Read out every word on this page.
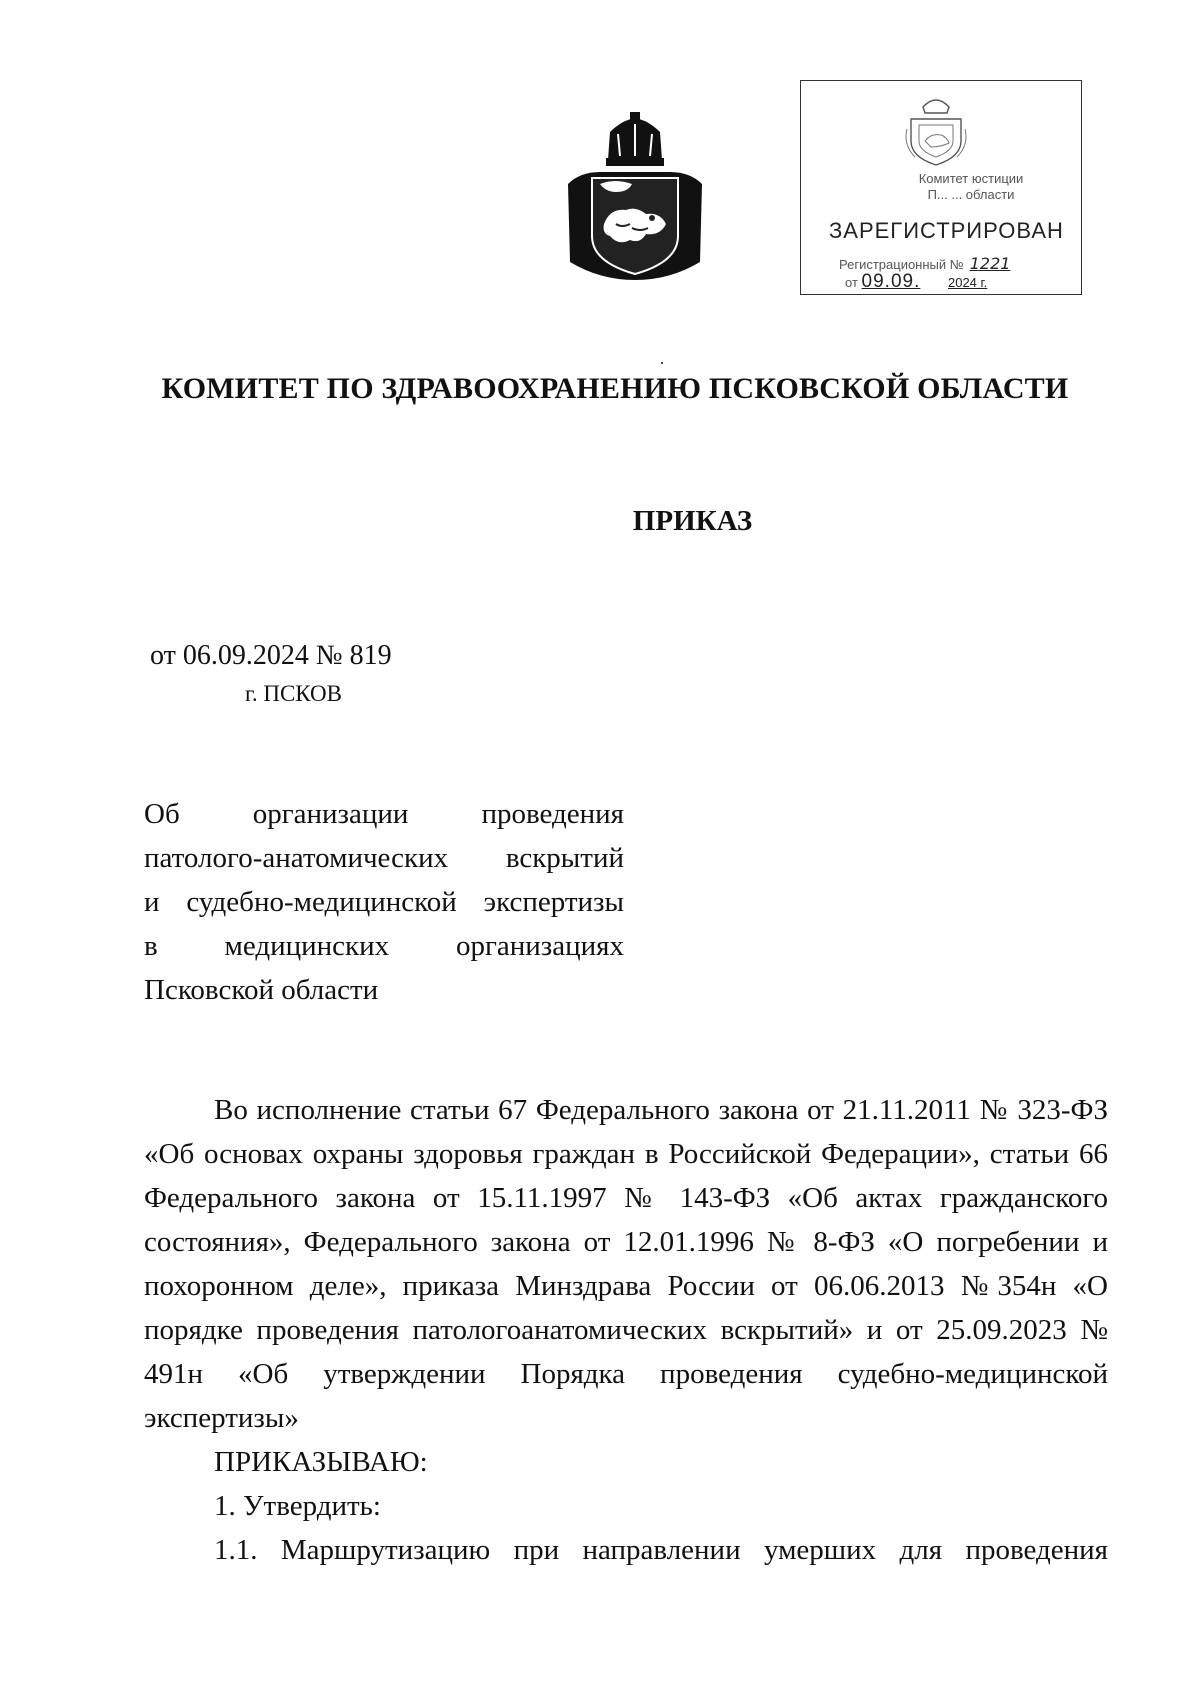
Комитет юстиции
П... ... области
ЗАРЕГИСТРИРОВАН
Регистрационный № 1221
от 09.09. 2024 г.
КОМИТЕТ ПО ЗДРАВООХРАНЕНИЮ ПСКОВСКОЙ ОБЛАСТИ
ПРИКАЗ
от 06.09.2024 № 819
г. ПСКОВ
Об организации проведения
патолого-анатомических вскрытий
и судебно-медицинской экспертизы
в медицинских организациях
Псковской области

Во исполнение статьи 67 Федерального закона от 21.11.2011 № 323-ФЗ «Об основах охраны здоровья граждан в Российской Федерации», статьи 66 Федерального закона от 15.11.1997 № 143-ФЗ «Об актах гражданского состояния», Федерального закона от 12.01.1996 № 8-ФЗ «О погребении и похоронном деле», приказа Минздрава России от 06.06.2013 №354н «О порядке проведения патологоанатомических вскрытий» и от 25.09.2023 № 491н «Об утверждении Порядка проведения судебно-медицинской экспертизы»

ПРИКАЗЫВАЮ:

1. Утвердить:

1.1. Маршрутизацию при направлении умерших для проведения
